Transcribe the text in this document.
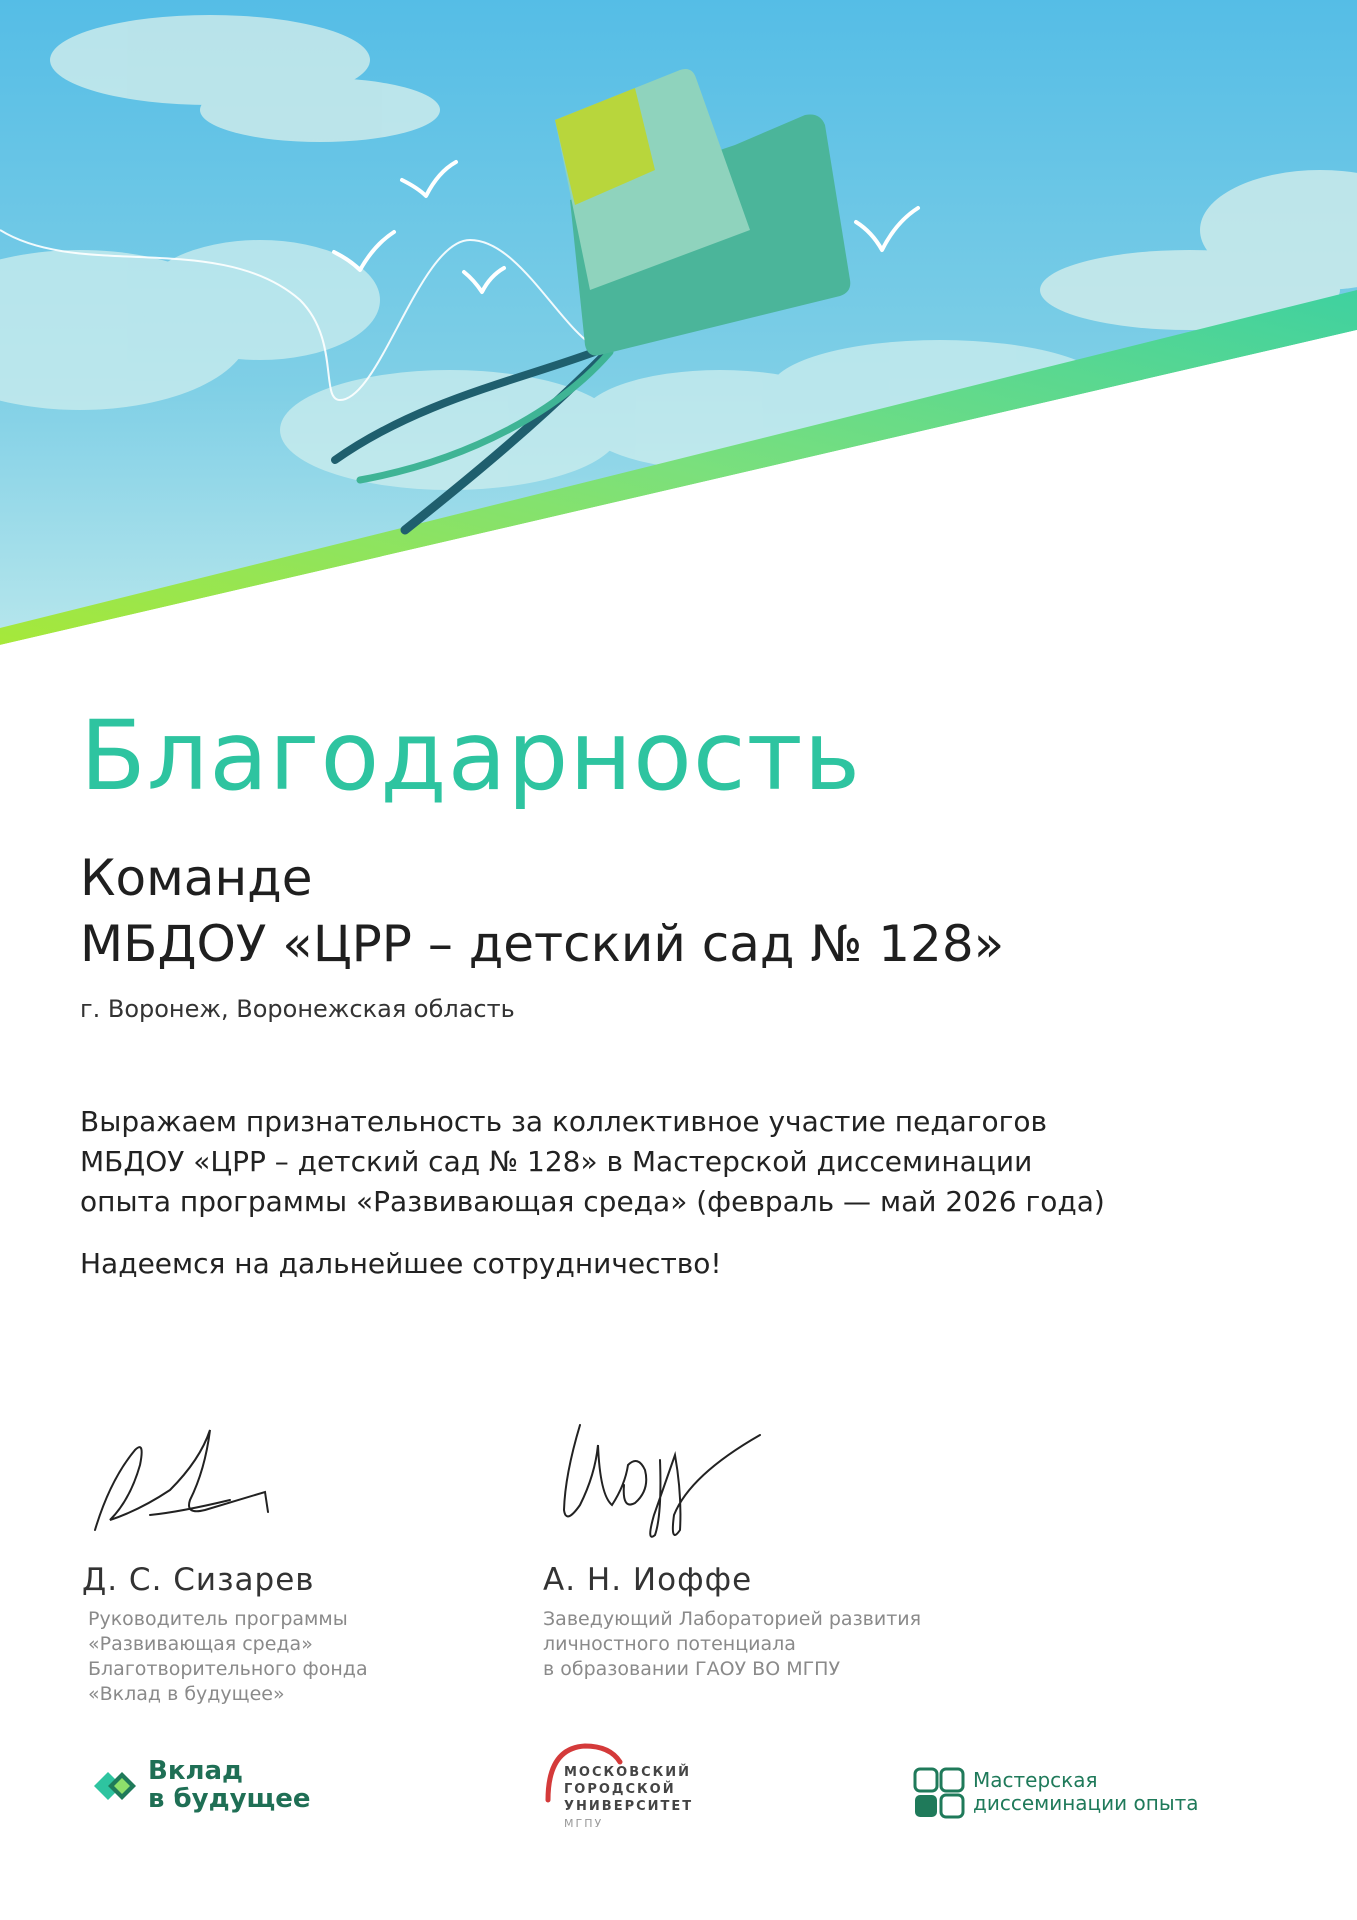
Благодарность
Команде
МБДОУ «ЦРР – детский сад № 128»
г. Воронеж, Воронежская область

Выражаем признательность за коллективное участие педагогов

МБДОУ «ЦРР – детский сад № 128» в Мастерской диссеминации

опыта программы «Развивающая среда» (февраль — май 2026 года)

Надеемся на дальнейшее сотрудничество!
Д. С. Сизарев
Руководитель программы
«Развивающая среда»
Благотворительного фонда
«Вклад в будущее»
А. Н. Иоффе
Заведующий Лабораторией развития
личностного потенциала
в образовании ГАОУ ВО МГПУ
Вклад
в будущее
МОСКОВСКИЙ
ГОРОДСКОЙ
УНИВЕРСИТЕТ
МГПУ
Мастерская
диссеминации опыта
